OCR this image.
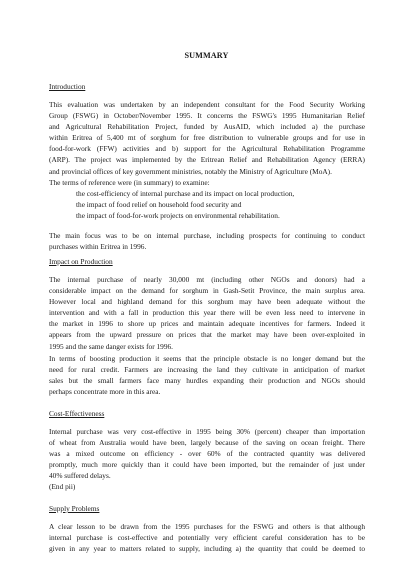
SUMMARY
Introduction
This evaluation was undertaken by an independent consultant for the Food Security Working
Group (FSWG) in October/November 1995. It concerns the FSWG's 1995 Humanitarian Relief
and Agricultural Rehabilitation Project, funded by AusAID, which included a) the purchase
within Eritrea of 5,400 mt of sorghum for free distribution to vulnerable groups and for use in
food-for-work (FFW) activities and b) support for the Agricultural Rehabilitation Programme
(ARP). The project was implemented by the Eritrean Relief and Rehabilitation Agency (ERRA)
and provincial offices of key government ministries, notably the Ministry of Agriculture (MoA).
The terms of reference were (in summary) to examine:
the cost-efficiency of internal purchase and its impact on local production,
the impact of food relief on household food security and
the impact of food-for-work projects on environmental rehabilitation.
The main focus was to be on internal purchase, including prospects for continuing to conduct
purchases within Eritrea in 1996.
Impact on Production
The internal purchase of nearly 30,000 mt (including other NGOs and donors) had a
considerable impact on the demand for sorghum in Gash-Setit Province, the main surplus area.
However local and highland demand for this sorghum may have been adequate without the
intervention and with a fall in production this year there will be even less need to intervene in
the market in 1996 to shore up prices and maintain adequate incentives for farmers. Indeed it
appears from the upward pressure on prices that the market may have been over-exploited in
1995 and the same danger exists for 1996.
In terms of boosting production it seems that the principle obstacle is no longer demand but the
need for rural credit. Farmers are increasing the land they cultivate in anticipation of market
sales but the small farmers face many hurdles expanding their production and NGOs should
perhaps concentrate more in this area.
Cost-Effectiveness
Internal purchase was very cost-effective in 1995 being 30% (percent) cheaper than importation
of wheat from Australia would have been, largely because of the saving on ocean freight. There
was a mixed outcome on efficiency - over 60% of the contracted quantity was delivered
promptly, much more quickly than it could have been imported, but the remainder of just under
40% suffered delays.
(End pii)
Supply Problems
A clear lesson to be drawn from the 1995 purchases for the FSWG and others is that although
internal purchase is cost-effective and potentially very efficient careful consideration has to be
given in any year to matters related to supply, including a) the quantity that could be deemed to
